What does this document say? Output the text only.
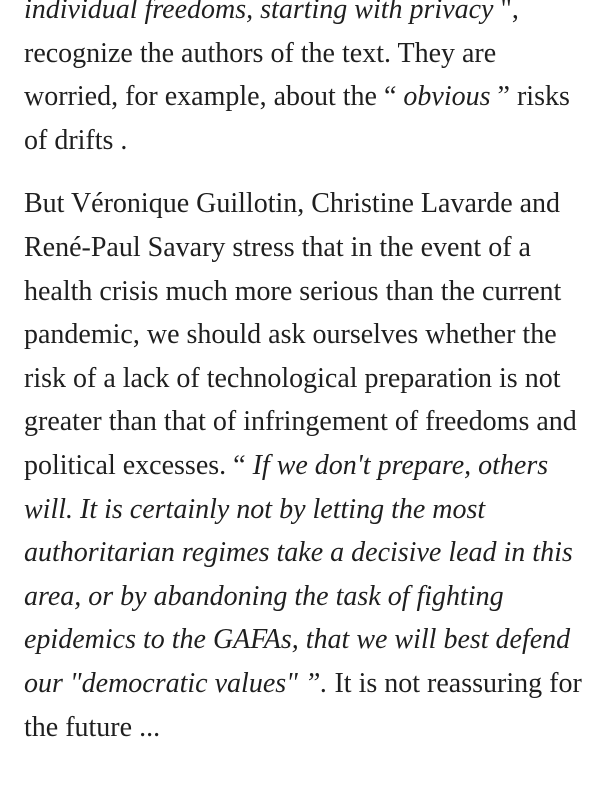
individual freedoms, starting with privacy ", recognize the authors of the text. They are worried, for example, about the “ obvious ” risks of drifts .

But Véronique Guillotin, Christine Lavarde and René-Paul Savary stress that in the event of a health crisis much more serious than the current pandemic, we should ask ourselves whether the risk of a lack of technological preparation is not greater than that of infringement of freedoms and political excesses. “ If we don't prepare, others will. It is certainly not by letting the most authoritarian regimes take a decisive lead in this area, or by abandoning the task of fighting epidemics to the GAFAs, that we will best defend our "democratic values" ”. It is not reassuring for the future ...
